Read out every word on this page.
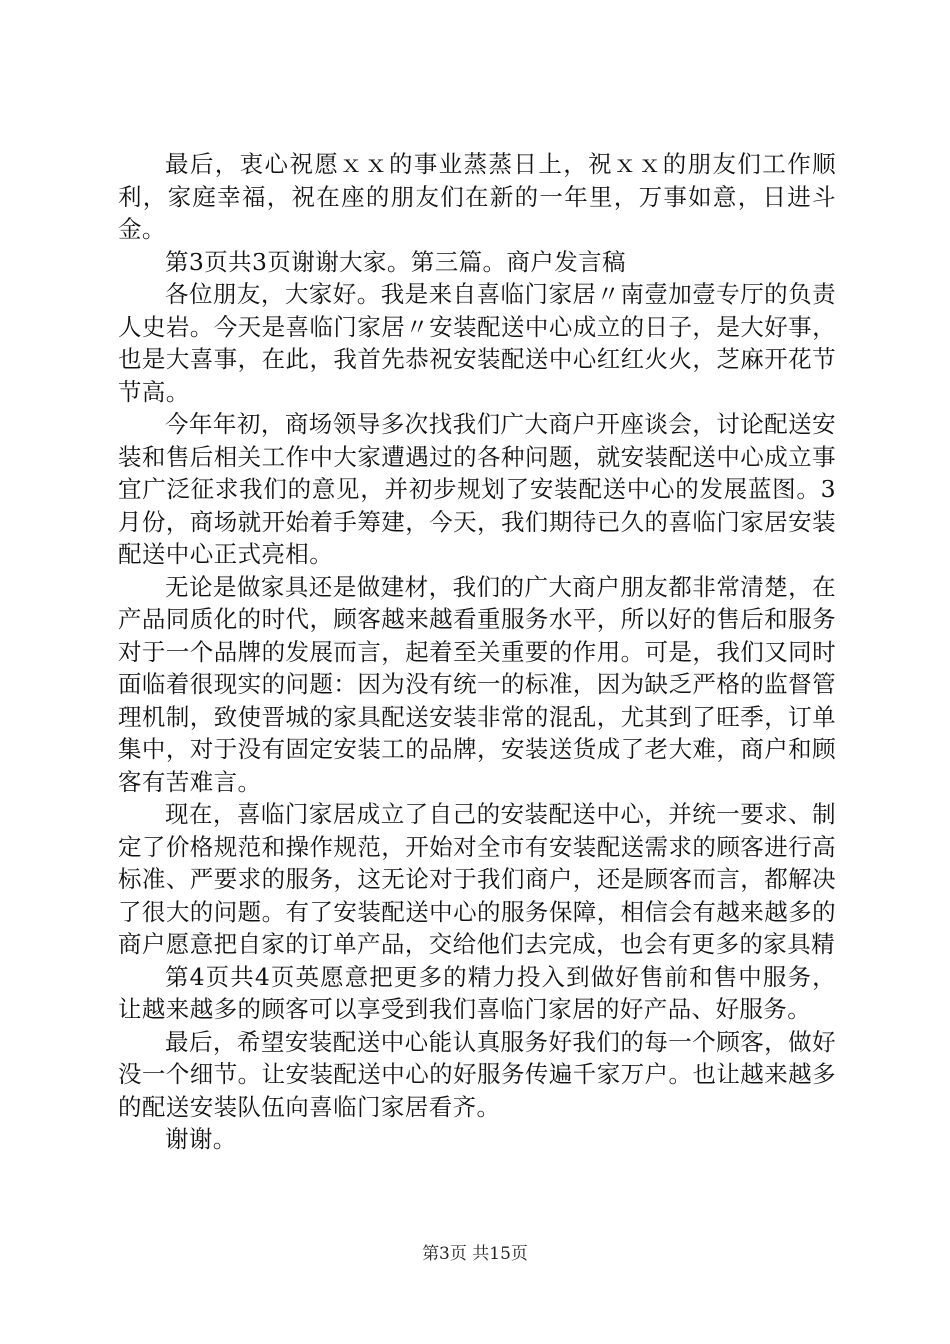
最后，衷心祝愿ｘｘ的事业蒸蒸日上，祝ｘｘ的朋友们工作顺利，家庭幸福，祝在座的朋友们在新的一年里，万事如意，日进斗金。

第3页共3页谢谢大家。第三篇。商户发言稿

各位朋友，大家好。我是来自喜临门家居〃南壹加壹专厅的负责人史岩。今天是喜临门家居〃安装配送中心成立的日子，是大好事，也是大喜事，在此，我首先恭祝安装配送中心红红火火，芝麻开花节节高。

今年年初，商场领导多次找我们广大商户开座谈会，讨论配送安装和售后相关工作中大家遭遇过的各种问题，就安装配送中心成立事宜广泛征求我们的意见，并初步规划了安装配送中心的发展蓝图。3月份，商场就开始着手筹建，今天，我们期待已久的喜临门家居安装配送中心正式亮相。

无论是做家具还是做建材，我们的广大商户朋友都非常清楚，在产品同质化的时代，顾客越来越看重服务水平，所以好的售后和服务对于一个品牌的发展而言，起着至关重要的作用。可是，我们又同时面临着很现实的问题：因为没有统一的标准，因为缺乏严格的监督管理机制，致使晋城的家具配送安装非常的混乱，尤其到了旺季，订单集中，对于没有固定安装工的品牌，安装送货成了老大难，商户和顾客有苦难言。

现在，喜临门家居成立了自己的安装配送中心，并统一要求、制定了价格规范和操作规范，开始对全市有安装配送需求的顾客进行高标准、严要求的服务，这无论对于我们商户，还是顾客而言，都解决了很大的问题。有了安装配送中心的服务保障，相信会有越来越多的商户愿意把自家的订单产品，交给他们去完成，也会有更多的家具精

第4页共4页英愿意把更多的精力投入到做好售前和售中服务，让越来越多的顾客可以享受到我们喜临门家居的好产品、好服务。

最后，希望安装配送中心能认真服务好我们的每一个顾客，做好没一个细节。让安装配送中心的好服务传遍千家万户。也让越来越多的配送安装队伍向喜临门家居看齐。

谢谢。

第3页 共15页
